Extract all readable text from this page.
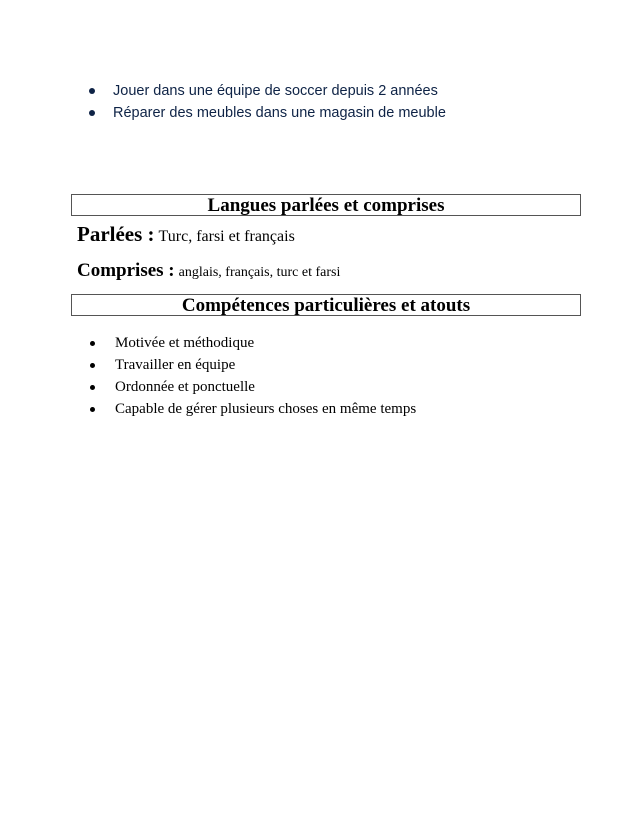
Jouer dans une équipe de soccer depuis 2 années
Réparer des meubles dans une magasin de meuble
Langues parlées et comprises
Parlées : Turc, farsi et français
Comprises : anglais, français, turc et farsi
Compétences particulières et atouts
Motivée et méthodique
Travailler en équipe
Ordonnée et ponctuelle
Capable de gérer plusieurs choses en même temps
